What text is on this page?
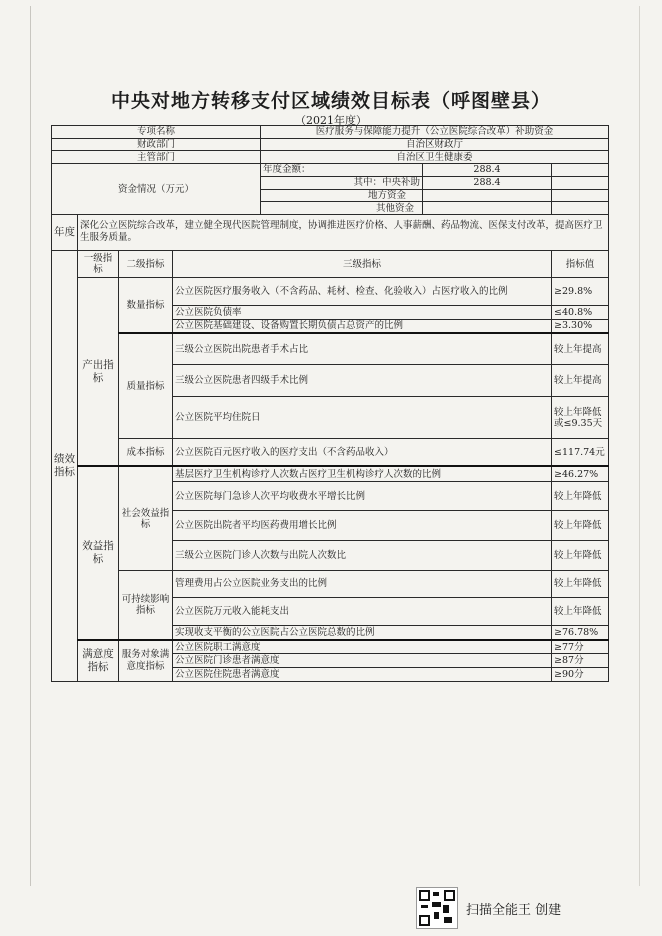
中央对地方转移支付区域绩效目标表（呼图壁县）
（2021年度）
专项名称				医疗服务与保障能力提升（公立医院综合改革）补助资金		
财政部门				自治区财政厅		
主管部门				自治区卫生健康委		
资金情况（万元）				年度金额：	288.4	
				其中：中央补助	288.4	
				地方资金		
				其他资金		
年度	深化公立医院综合改革，建立健全现代医院管理制度，协调推进医疗价格、人事薪酬、药品物流、医保支付改革，提高医疗卫生服务质量。					
绩效指标	一级指标	二级指标	三级指标			指标值
	产出指标	数量指标	公立医院医疗服务收入（不含药品、耗材、检查、化验收入）占医疗收入的比例			≥29.8%
			公立医院负债率			≤40.8%
			公立医院基础建设、设备购置长期负债占总资产的比例			≥3.30%
		质量指标	三级公立医院出院患者手术占比			较上年提高
			三级公立医院患者四级手术比例			较上年提高
			公立医院平均住院日			较上年降低或≤9.35天
		成本指标	公立医院百元医疗收入的医疗支出（不含药品收入）			≤117.74元
	效益指标	社会效益指标	基层医疗卫生机构诊疗人次数占医疗卫生机构诊疗人次数的比例			≥46.27%
			公立医院每门急诊人次平均收费水平增长比例			较上年降低
			公立医院出院者平均医药费用增长比例			较上年降低
			三级公立医院门诊人次数与出院人次数比			较上年降低
		可持续影响指标	管理费用占公立医院业务支出的比例			较上年降低
			公立医院万元收入能耗支出			较上年降低
			实现收支平衡的公立医院占公立医院总数的比例			≥76.78%
	满意度指标	服务对象满意度指标	公立医院职工满意度			≥77分
			公立医院门诊患者满意度			≥87分
			公立医院住院患者满意度			≥90分
扫描全能王 创建
